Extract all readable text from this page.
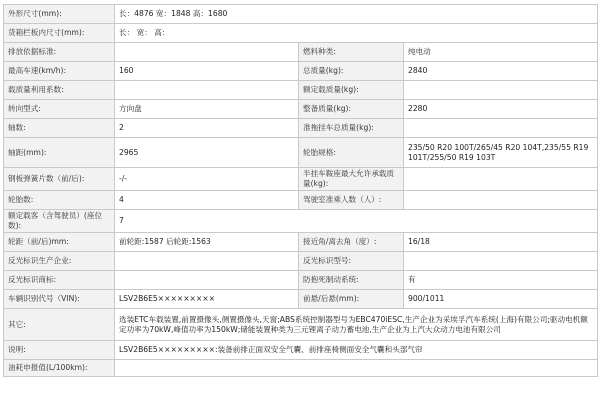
外形尺寸(mm):	长：4876 宽：1848 高：1680		
货箱栏板内尺寸(mm):	长： 宽： 高：		
排放依据标准:		燃料种类:	纯电动
最高车速(km/h):	160	总质量(kg):	2840
载质量利用系数:		额定载质量(kg):	
转向型式:	方向盘	整备质量(kg):	2280
轴数:	2	准拖挂车总质量(kg):	
轴距(mm):	2965	轮胎规格:	235/50 R20 100T/265/45 R20 104T,235/55 R19 101T/255/50 R19 103T
钢板弹簧片数（前/后):	-/-	半挂车鞍座最大允许承载质量(kg):	
轮胎数:	4	驾驶室准乘人数（人）:	
额定载客（含驾驶员）(座位数):	7		
轮距（前/后)mm:	前轮距:1587 后轮距:1563	接近角/离去角（度）:	16/18
反光标识生产企业:		反光标识型号:	
反光标识商标:		防抱死制动系统:	有
车辆识别代号（VIN):	LSV2B6E5×××××××××	前悬/后悬(mm):	900/1011
其它:	选装ETC车载装置,前置摄像头,侧置摄像头,天窗;ABS系统控制器型号为EBC470iESC,生产企业为采埃孚汽车系统(上海)有限公司;驱动电机额定功率为70kW,峰值功率为150kW;储能装置种类为三元锂离子动力蓄电池,生产企业为上汽大众动力电池有限公司		
说明:	LSV2B6E5×××××××××:装备前排正面双安全气囊、前排座椅侧面安全气囊和头部气帘		
油耗申报值(L/100km):			
